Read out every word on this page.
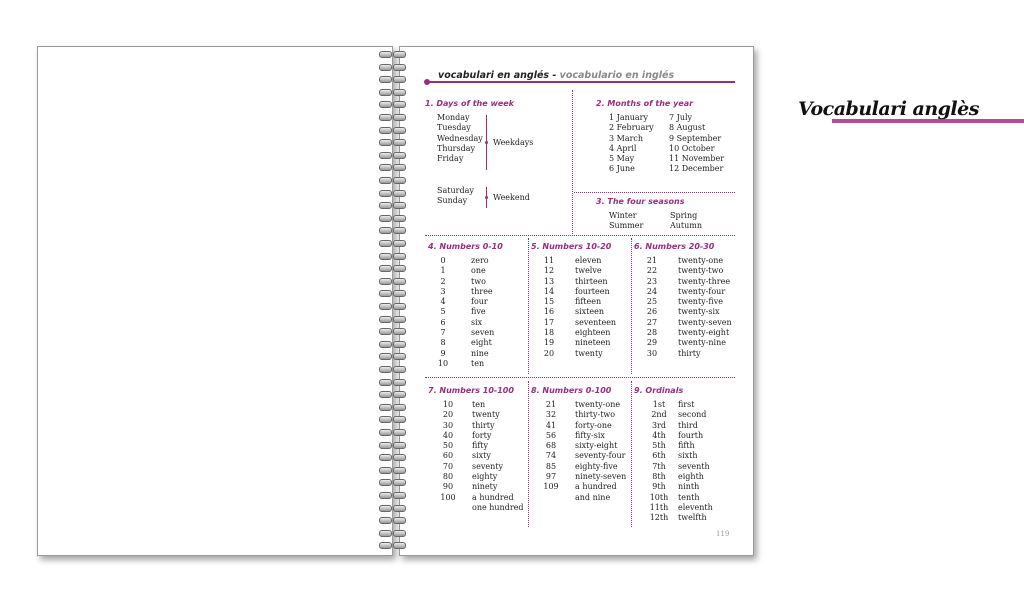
vocabulari en anglés - vocabulario en inglés
1. Days of the week
Monday
Tuesday
Wednesday
Thursday
Friday
Weekdays
Saturday
Sunday	Weekend
2. Months of the year
1 January
2 February
3 March
4 April
5 May
6 June
7 July
8 August
9 September
10 October
11 November
12 December
3. The four seasons
Winter
Summer
Spring
Autumn
4. Numbers 0-10
0
1
2
3
4
5
6
7
8
9
10
zero
one
two
three
four
five
six
seven
eight
nine
ten
5. Numbers 10-20
11
12
13
14
15
16
17
18
19
20
eleven
twelve
thirteen
fourteen
fifteen
sixteen
seventeen
eighteen
nineteen
twenty
6. Numbers 20-30
21
22
23
24
25
26
27
28
29
30
twenty-one
twenty-two
twenty-three
twenty-four
twenty-five
twenty-six
twenty-seven
twenty-eight
twenty-nine
thirty
7. Numbers 10-100
10
20
30
40
50
60
70
80
90
100
ten
twenty
thirty
forty
fifty
sixty
seventy
eighty
ninety
a hundred
one hundred
8. Numbers 0-100
21
32
41
56
68
74
85
97
109
twenty-one
thirty-two
forty-one
fifty-six
sixty-eight
seventy-four
eighty-five
ninety-seven
a hundred
and nine
9. Ordinals
1st
2nd
3rd
4th
5th
6th
7th
8th
9th
10th
11th
12th
first
second
third
fourth
fifth
sixth
seventh
eighth
ninth
tenth
eleventh
twelfth
119
Vocabulari anglès
